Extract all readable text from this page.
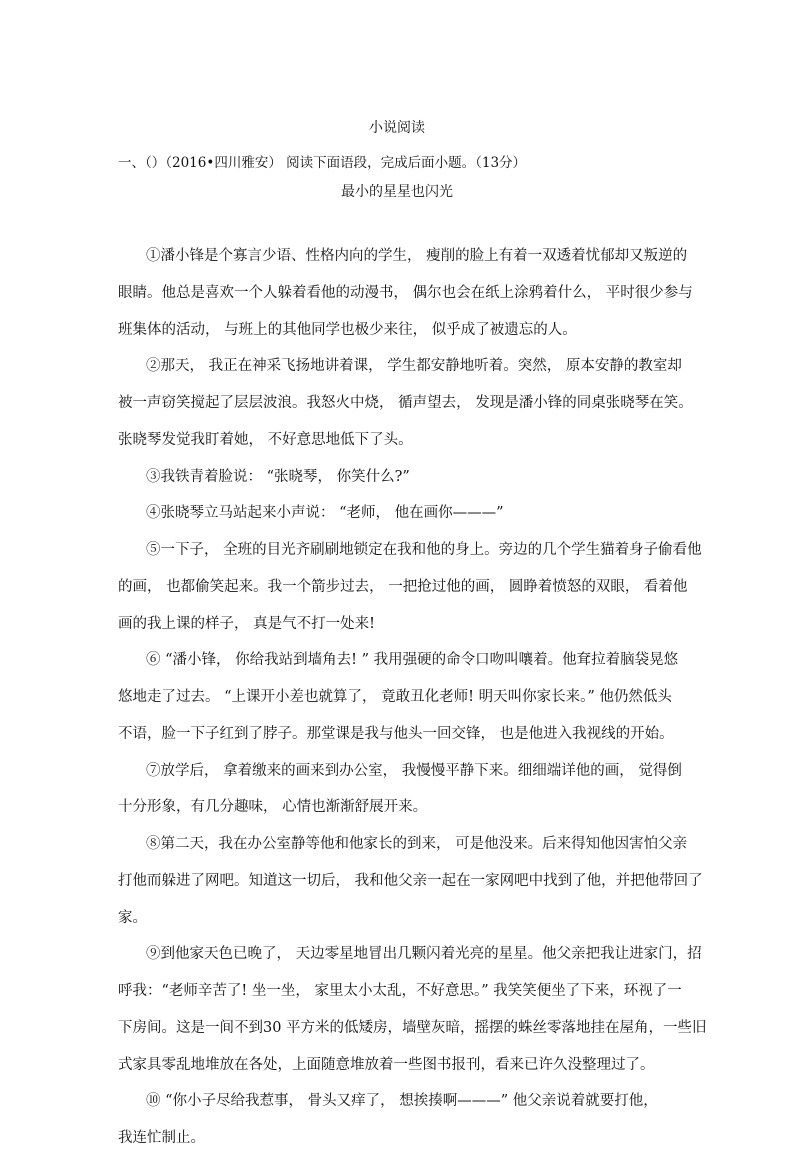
小说阅读
一、（）（2016•四川雅安） 阅读下面语段，完成后面小题。（13分）
最小的星星也闪光
①潘小锋是个寡言少语、性格内向的学生， 瘦削的脸上有着一双透着忧郁却又叛逆的
眼睛。他总是喜欢一个人躲着看他的动漫书， 偶尔也会在纸上涂鸦着什么， 平时很少参与
班集体的活动， 与班上的其他同学也极少来往， 似乎成了被遗忘的人。
②那天， 我正在神采飞扬地讲着课， 学生都安静地听着。突然， 原本安静的教室却
被一声窃笑搅起了层层波浪。我怒火中烧， 循声望去， 发现是潘小锋的同桌张晓琴在笑。
张晓琴发觉我盯着她， 不好意思地低下了头。
③我铁青着脸说： “张晓琴， 你笑什么?”
④张晓琴立马站起来小声说： “老师， 他在画你———”
⑤一下子， 全班的目光齐刷刷地锁定在我和他的身上。旁边的几个学生猫着身子偷看他
的画， 也都偷笑起来。我一个箭步过去， 一把抢过他的画， 圆睁着愤怒的双眼， 看着他
画的我上课的样子， 真是气不打一处来!
⑥ “潘小锋， 你给我站到墙角去! ” 我用强硬的命令口吻叫嚷着。他耷拉着脑袋晃悠
悠地走了过去。 “上课开小差也就算了， 竟敢丑化老师! 明天叫你家长来。” 他仍然低头
不语，脸一下子红到了脖子。那堂课是我与他头一回交锋， 也是他进入我视线的开始。
⑦放学后， 拿着缴来的画来到办公室， 我慢慢平静下来。细细端详他的画， 觉得倒
十分形象，有几分趣味， 心情也渐渐舒展开来。
⑧第二天，我在办公室静等他和他家长的到来， 可是他没来。后来得知他因害怕父亲
打他而躲进了网吧。知道这一切后， 我和他父亲一起在一家网吧中找到了他，并把他带回了
家。
⑨到他家天色已晚了， 天边零星地冒出几颗闪着光亮的星星。他父亲把我让进家门，招
呼我：“老师辛苦了! 坐一坐， 家里太小太乱，不好意思。” 我笑笑便坐了下来，环视了一
下房间。这是一间不到30 平方米的低矮房，墙壁灰暗，摇摆的蛛丝零落地挂在屋角，一些旧
式家具零乱地堆放在各处，上面随意堆放着一些图书报刊，看来已许久没整理过了。
⑩ “你小子尽给我惹事， 骨头又痒了， 想挨揍啊———” 他父亲说着就要打他，
我连忙制止。
